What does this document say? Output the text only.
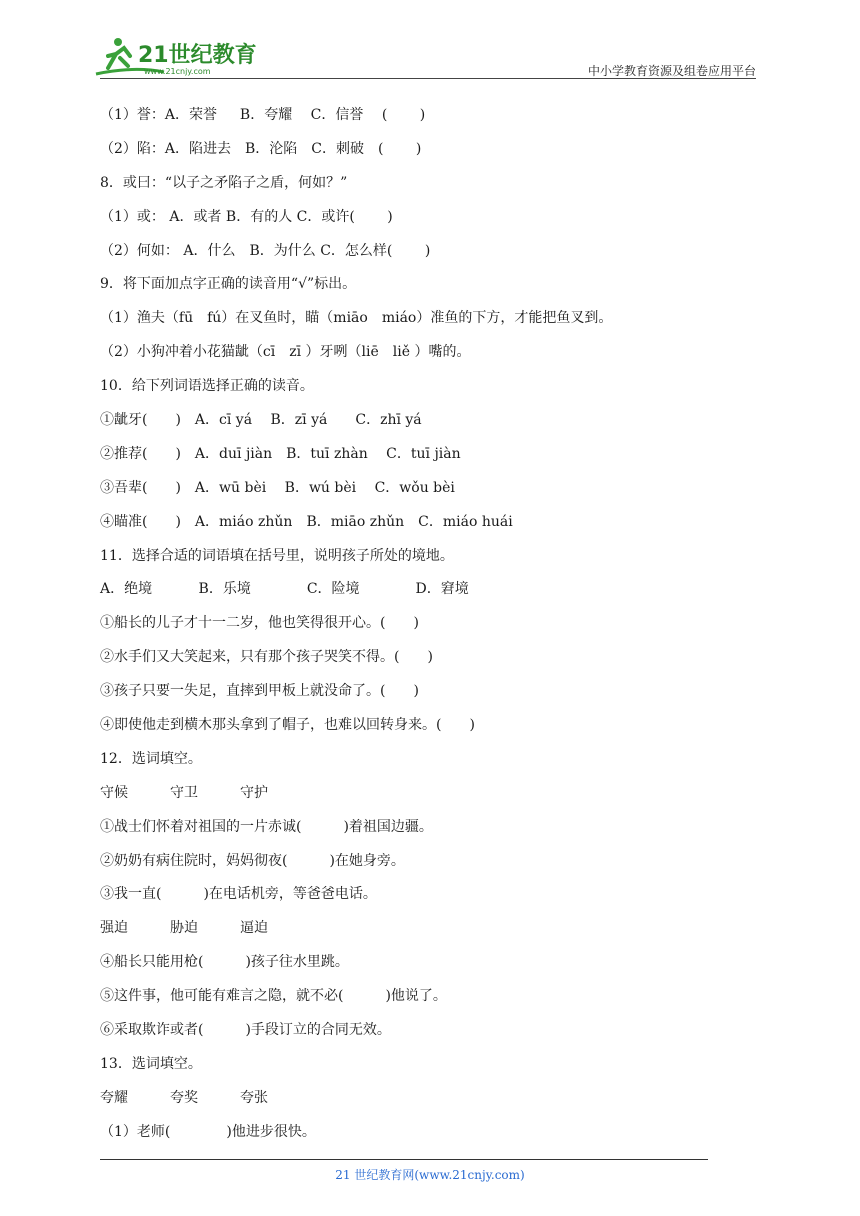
21世纪教育
www.21cnjy.com	中小学教育资源及组卷应用平台
（1）誉：A．荣誉　  B．夸耀　 C．信誉　 (　　 )
（2）陷：A．陷进去　B．沦陷　C．刺破　(　　 )
8．或曰：“以子之矛陷子之盾，何如？”
（1）或： A．或者 B．有的人 C．或许(　　 )
（2）何如： A．什么　B．为什么 C．怎么样(　　 )
9．将下面加点字正确的读音用“√”标出。
（1）渔夫（fū　fú）在叉鱼时，瞄（miāo　miáo）准鱼的下方，才能把鱼叉到。
（2）小狗冲着小花猫龇（cī　zī ）牙咧（liē　liě ）嘴的。
10．给下列词语选择正确的读音。
①龇牙(　　)　A．cī yá　 B．zī yá　　C．zhī yá
②推荐(　　)　A．duī jiàn　B．tuī zhàn　 C．tuī jiàn
③吾辈(　　)　A．wū bèi　 B．wú bèi　 C．wǒu bèi
④瞄准(　　)　A．miáo zhǔn　B．miāo zhǔn　C．miáo huái
11．选择合适的词语填在括号里，说明孩子所处的境地。
A．绝境　　　 B．乐境　　　　C．险境　　　　D．窘境
①船长的儿子才十一二岁，他也笑得很开心。(　　)
②水手们又大笑起来，只有那个孩子哭笑不得。(　　)
③孩子只要一失足，直摔到甲板上就没命了。(　　)
④即使他走到横木那头拿到了帽子，也难以回转身来。(　　)
12．选词填空。
守候　　　守卫　　　守护
①战士们怀着对祖国的一片赤诚(　　　)着祖国边疆。
②奶奶有病住院时，妈妈彻夜(　　　)在她身旁。
③我一直(　　　)在电话机旁，等爸爸电话。
强迫　　　胁迫　　　逼迫
④船长只能用枪(　　　)孩子往水里跳。
⑤这件事，他可能有难言之隐，就不必(　　　)他说了。
⑥采取欺诈或者(　　　)手段订立的合同无效。
13．选词填空。
夸耀　　　夸奖　　　夸张
（1）老师(　　　　)他进步很快。
21 世纪教育网(www.21cnjy.com)
